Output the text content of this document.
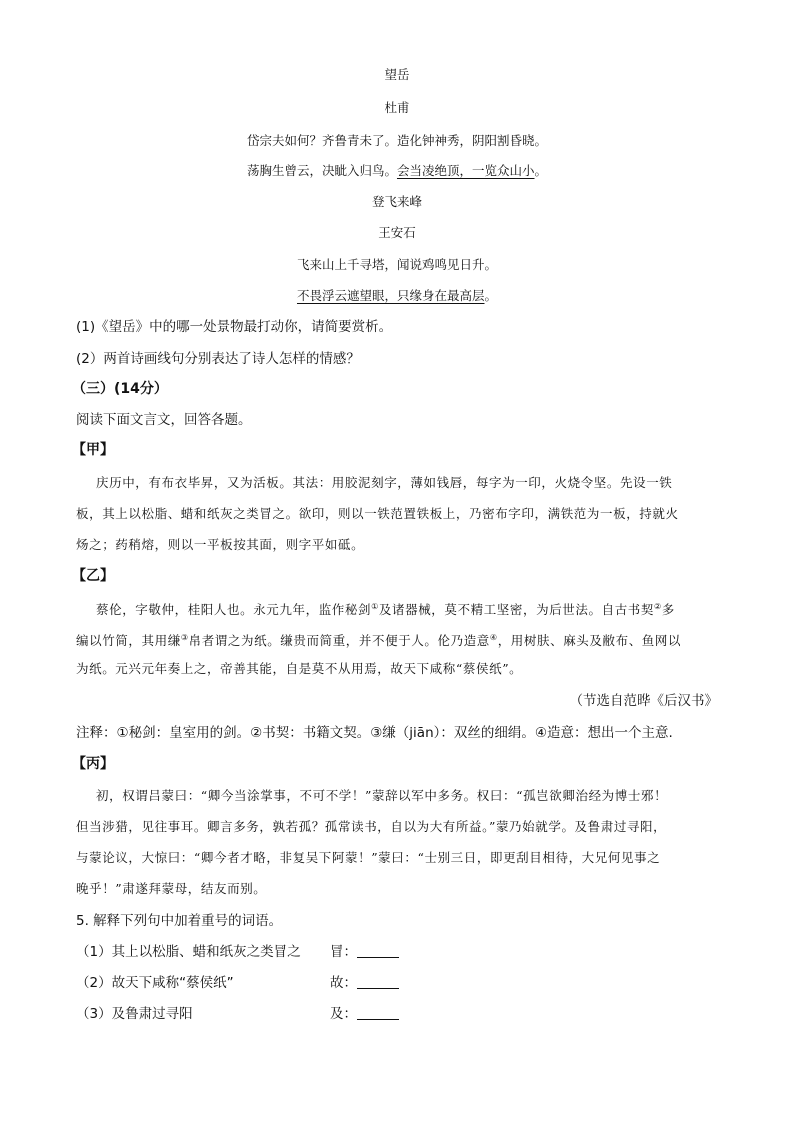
望岳
杜甫
岱宗夫如何？齐鲁青未了。造化钟神秀，阴阳割昏晓。
荡胸生曾云，决眦入归鸟。会当凌绝顶，一览众山小。
登飞来峰
王安石
飞来山上千寻塔，闻说鸡鸣见日升。
不畏浮云遮望眼，只缘身在最高层。
(1)《望岳》中的哪一处景物最打动你，请简要赏析。
(2）两首诗画线句分别表达了诗人怎样的情感？
（三）(14分）
阅读下面文言文，回答各题。
【甲】
庆历中，有布衣毕昇，又为活板。其法：用胶泥刻字，薄如钱唇，每字为一印，火烧令坚。先设一铁
板，其上以松脂、蜡和纸灰之类冒之。欲印，则以一铁范置铁板上，乃密布字印，满铁范为一板，持就火
炀之；药稍熔，则以一平板按其面，则字平如砥。
【乙】
蔡伦，字敬仲，桂阳人也。永元九年，监作秘剑①及诸器械，莫不精工坚密，为后世法。自古书契②多
编以竹简，其用缣③帛者谓之为纸。缣贵而简重，并不便于人。伦乃造意④，用树肤、麻头及敝布、鱼网以
为纸。元兴元年奏上之，帝善其能，自是莫不从用焉，故天下咸称“蔡侯纸”。
（节选自范晔《后汉书》
注释：①秘剑：皇室用的剑。②书契：书籍文契。③缣（jiān）：双丝的细绢。④造意：想出一个主意.
【丙】
初，权谓吕蒙曰：“卿今当涂掌事，不可不学！”蒙辞以军中多务。权曰：“孤岂欲卿治经为博士邪！
但当涉猎，见往事耳。卿言多务，孰若孤？孤常读书，自以为大有所益。”蒙乃始就学。及鲁肃过寻阳，
与蒙论议，大惊曰：“卿今者才略，非复吴下阿蒙！”蒙曰：“士别三日，即更刮目相待，大兄何见事之
晚乎！”肃遂拜蒙母，结友而别。
5. 解释下列句中加着重号的词语。
（1）其上以松脂、蜡和纸灰之类冒之 冒：
（2）故天下咸称“蔡侯纸”	故：
（3）及鲁肃过寻阳	及：
